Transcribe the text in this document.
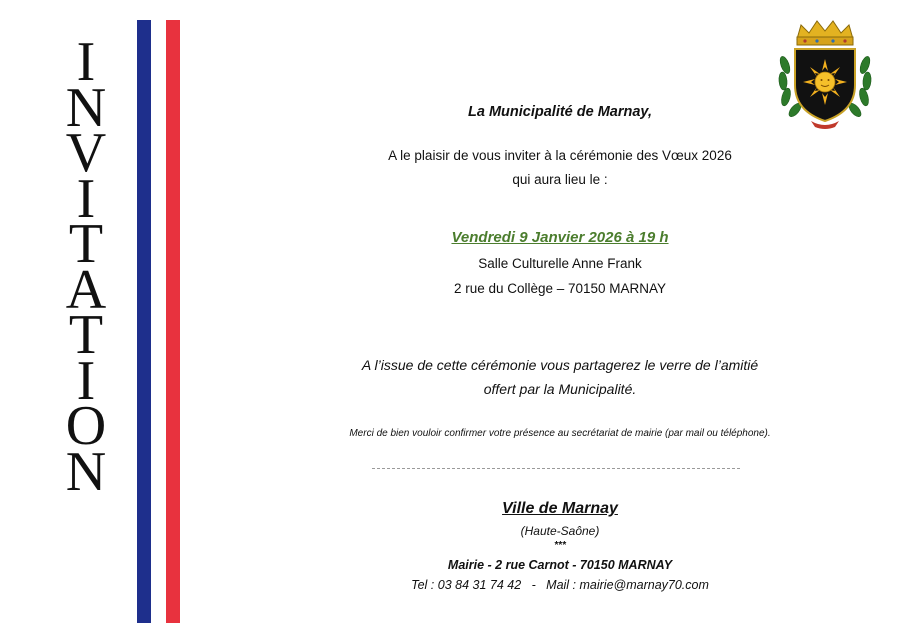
I
N
V
I
T
A
T
I
O
N
La Municipalité de Marnay,
A le plaisir de vous inviter à la cérémonie des Vœux 2026
qui aura lieu le :
Vendredi 9 Janvier 2026 à 19 h
Salle Culturelle Anne Frank
2 rue du Collège – 70150 MARNAY
A l’issue de cette cérémonie vous partagerez le verre de l’amitié
offert par la Municipalité.
Merci de bien vouloir confirmer votre présence au secrétariat de mairie (par mail ou téléphone).
Ville de Marnay
(Haute-Saône)
***
Mairie - 2 rue Carnot - 70150 MARNAY
Tel : 03 84 31 74 42   -   Mail : mairie@marnay70.com
